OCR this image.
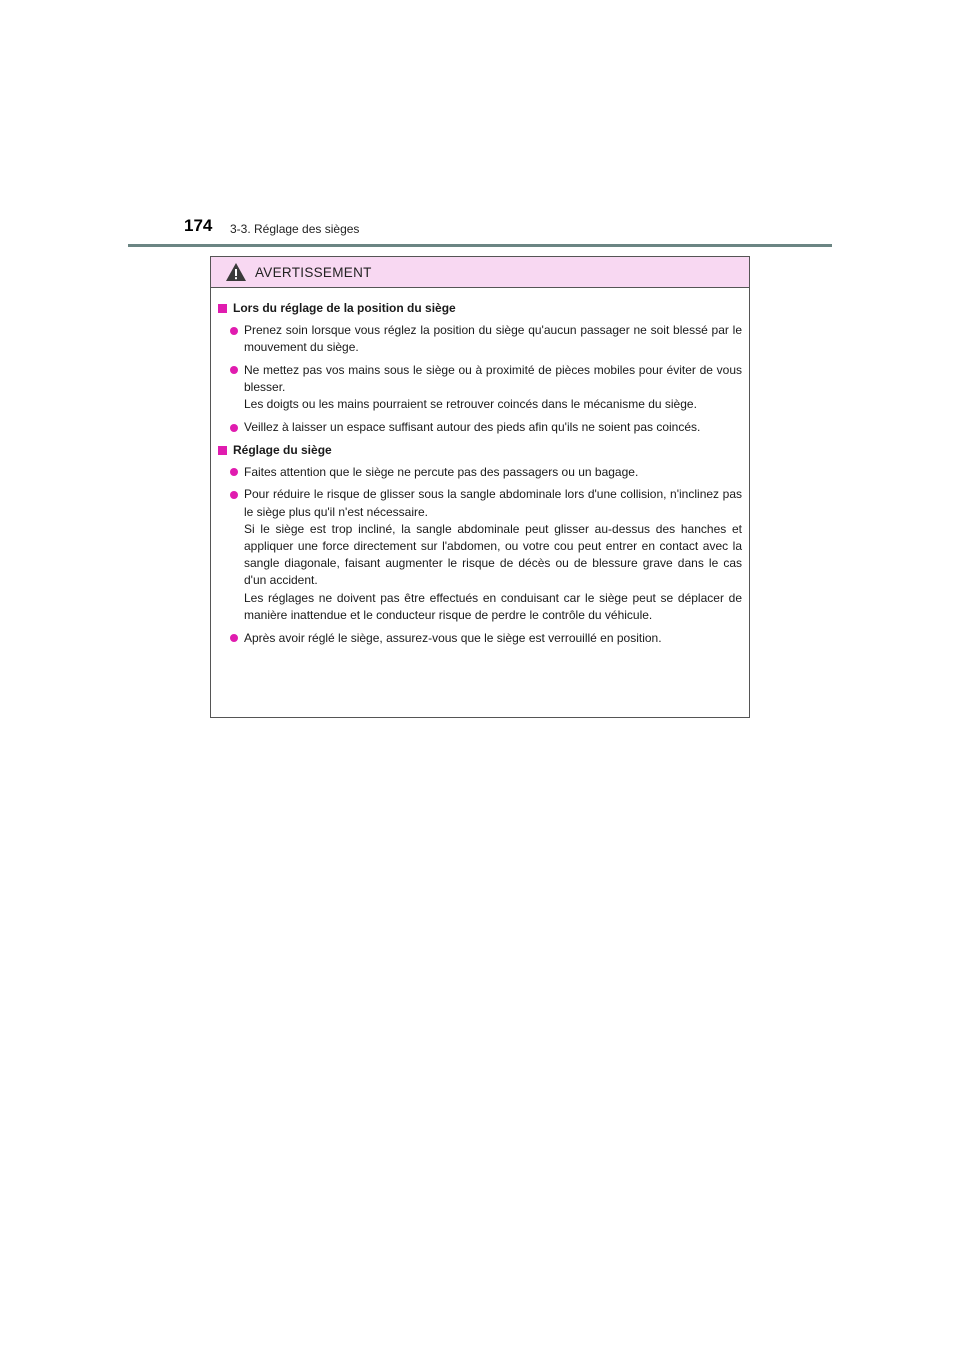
174 3-3. Réglage des sièges
AVERTISSEMENT
Lors du réglage de la position du siège

Prenez soin lorsque vous réglez la position du siège qu'aucun passager ne soit blessé par le mouvement du siège.

Ne mettez pas vos mains sous le siège ou à proximité de pièces mobiles pour éviter de vous blesser.

Les doigts ou les mains pourraient se retrouver coincés dans le mécanisme du siège.

Veillez à laisser un espace suffisant autour des pieds afin qu'ils ne soient pas coincés.

Réglage du siège

Faites attention que le siège ne percute pas des passagers ou un bagage.

Pour réduire le risque de glisser sous la sangle abdominale lors d'une collision, n'inclinez pas le siège plus qu'il n'est nécessaire.

Si le siège est trop incliné, la sangle abdominale peut glisser au-dessus des hanches et appliquer une force directement sur l'abdomen, ou votre cou peut entrer en contact avec la sangle diagonale, faisant augmenter le risque de décès ou de blessure grave dans le cas d'un accident.

Les réglages ne doivent pas être effectués en conduisant car le siège peut se déplacer de manière inattendue et le conducteur risque de perdre le contrôle du véhicule.

Après avoir réglé le siège, assurez-vous que le siège est verrouillé en position.
